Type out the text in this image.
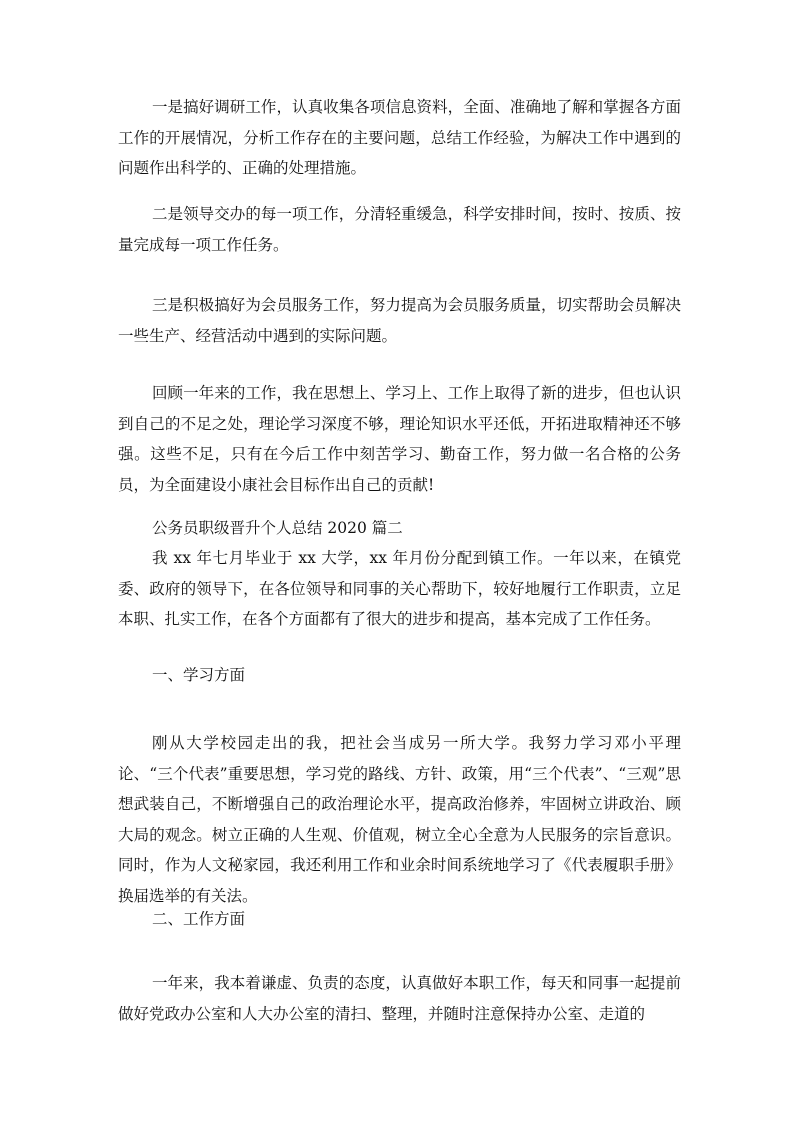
一是搞好调研工作，认真收集各项信息资料，全面、准确地了解和掌握各方面工作的开展情况，分析工作存在的主要问题，总结工作经验，为解决工作中遇到的问题作出科学的、正确的处理措施。

二是领导交办的每一项工作，分清轻重缓急，科学安排时间，按时、按质、按量完成每一项工作任务。

三是积极搞好为会员服务工作，努力提高为会员服务质量，切实帮助会员解决一些生产、经营活动中遇到的实际问题。

回顾一年来的工作，我在思想上、学习上、工作上取得了新的进步，但也认识到自己的不足之处，理论学习深度不够，理论知识水平还低，开拓进取精神还不够强。这些不足，只有在今后工作中刻苦学习、勤奋工作，努力做一名合格的公务员，为全面建设小康社会目标作出自己的贡献!

公务员职级晋升个人总结 2020 篇二

我 xx 年七月毕业于 xx 大学，xx 年月份分配到镇工作。一年以来，在镇党委、政府的领导下，在各位领导和同事的关心帮助下，较好地履行工作职责，立足本职、扎实工作，在各个方面都有了很大的进步和提高，基本完成了工作任务。

一、学习方面

刚从大学校园走出的我，把社会当成另一所大学。我努力学习邓小平理论、“三个代表”重要思想，学习党的路线、方针、政策，用“三个代表”、“三观”思想武装自己，不断增强自己的政治理论水平，提高政治修养，牢固树立讲政治、顾大局的观念。树立正确的人生观、价值观，树立全心全意为人民服务的宗旨意识。同时，作为人文秘家园，我还利用工作和业余时间系统地学习了《代表履职手册》 换届选举的有关法。

二、工作方面

一年来，我本着谦虚、负责的态度，认真做好本职工作，每天和同事一起提前做好党政办公室和人大办公室的清扫、整理，并随时注意保持办公室、走道的
